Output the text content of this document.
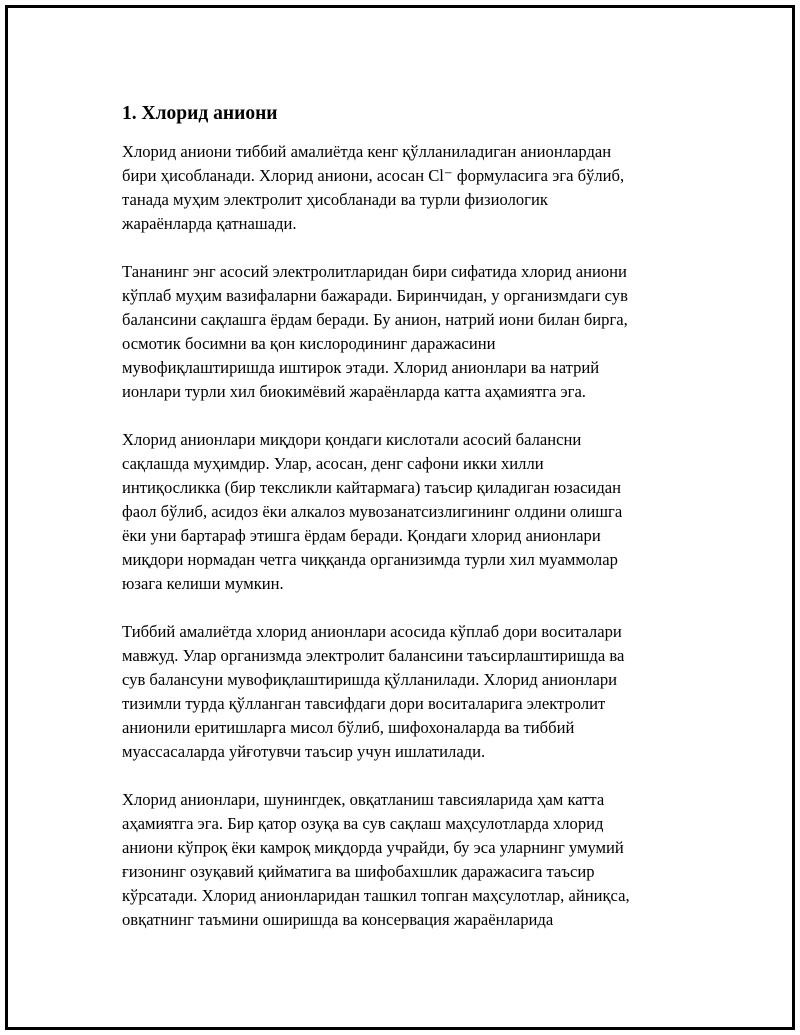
1. Хлорид аниони
Хлорид аниони тиббий амалиётда кенг қўлланиладиган анионлардан
бири ҳисобланади. Хлорид аниони, асосан Cl⁻ формуласига эга бўлиб,
танада муҳим электролит ҳисобланади ва турли физиологик
жараёнларда қатнашади.
Тананинг энг асосий электролитларидан бири сифатида хлорид аниони
кўплаб муҳим вазифаларни бажаради. Биринчидан, у организмдаги сув
балансини сақлашга ёрдам беради. Бу анион, натрий иони билан бирга,
осмотик босимни ва қон кислородининг даражасини
мувофиқлаштиришда иштирок этади. Хлорид анионлари ва натрий
ионлари турли хил биокимёвий жараёнларда катта аҳамиятга эга.
Хлорид анионлари миқдори қондаги кислотали асосий баланс​ни
сақлашда муҳимдир. Улар, асосан, денг сафони икки хилли
интиқосликка (бир тексликли кайтармага) таъсир қиладиган юзасидан
фаол бўлиб, асидоз ёки алкалоз мувозанатсизлигининг олдини олишга
ёки уни бартараф этишга ёрдам беради. Қондаги хлорид анионлари
миқдори нормадан четга чиққанда организимда турли хил муаммолар
юзага келиши мумкин.
Тиббий амалиётда хлорид анионлари асосида кўплаб дори воситалари
мавжуд. Улар организмда электролит балансини таъсирлаштиришда ва
сув балансуни мувофиқлаштиришда қўлланилади. Хлорид анионлари
тизимли турда қўлланган тавсифдаги дори воситаларига электролит
анионили еритишларга мисол бўлиб, шифохоналарда ва тиббий
муассасаларда уйғотувчи таъсир учун ишлатилади.
Хлорид анионлари, шунингдек, овқатланиш тавсияларида ҳам катта
аҳамиятга эга. Бир қатор озуқа ва сув сақлаш маҳсулотларда хлорид
аниони кўпроқ ёки камроқ миқдорда учрайди, бу эса уларнинг умумий
ғизонинг озуқавий қийматига ва шифобахшлик даражасига таъсир
кўрсатади. Хлорид анионларидан ташкил топган маҳсулотлар, айниқса,
овқатнинг таъмини оширишда ва консервация жараёнларида
